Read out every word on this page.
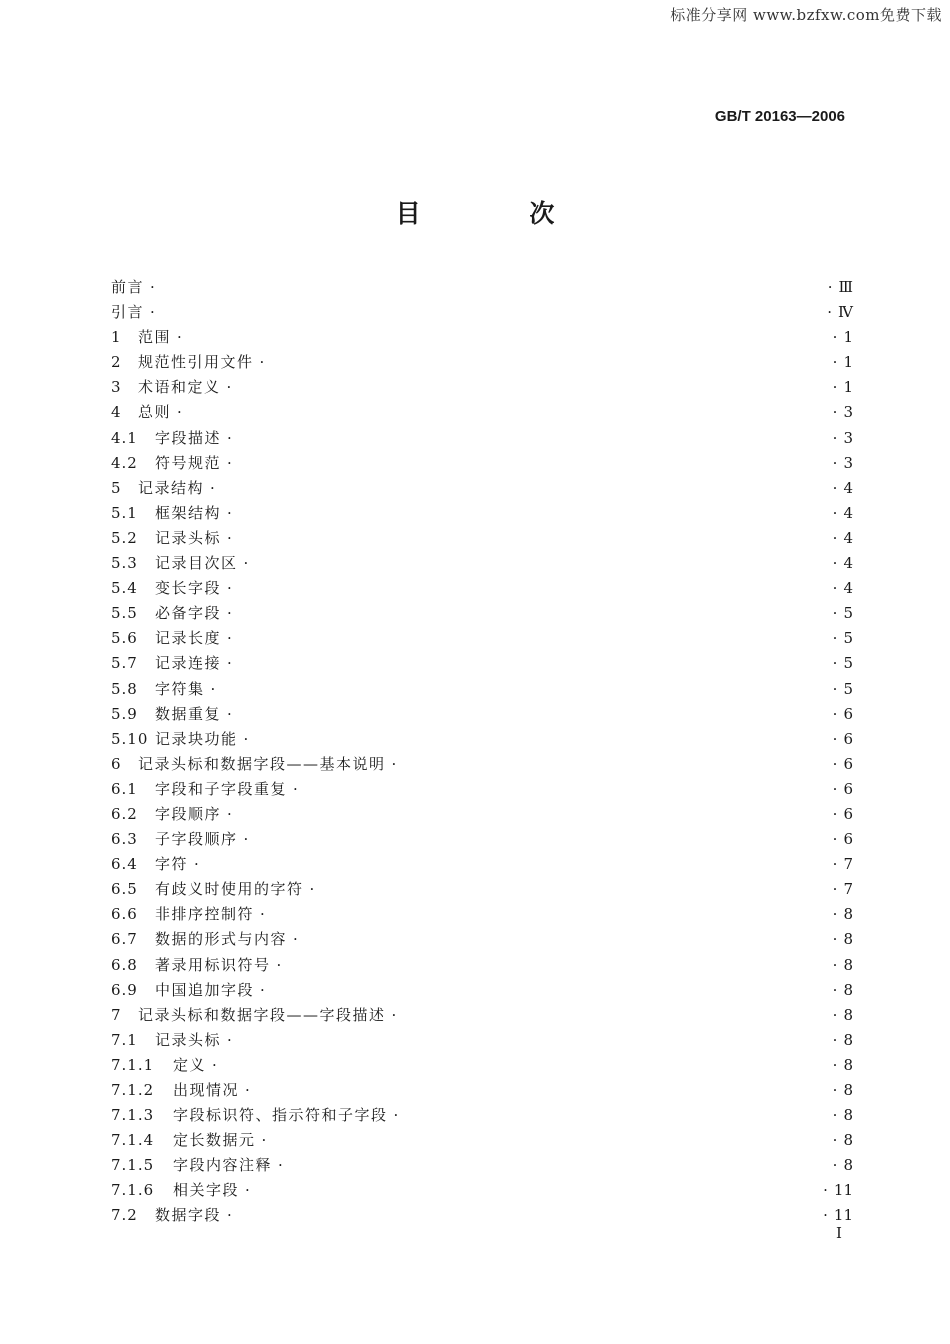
标准分享网 www.bzfxw.com免费下载
GB/T 20163—2006
目 次
前言 ·	· Ⅲ
引言 ·	· Ⅳ
1 范围 ·	· 1
2 规范性引用文件 ·	· 1
3 术语和定义 ·	· 1
4 总则 ·	· 3
4.1 字段描述 ·	· 3
4.2 符号规范 ·	· 3
5 记录结构 ·	· 4
5.1 框架结构 ·	· 4
5.2 记录头标 ·	· 4
5.3 记录目次区 ·	· 4
5.4 变长字段 ·	· 4
5.5 必备字段 ·	· 5
5.6 记录长度 ·	· 5
5.7 记录连接 ·	· 5
5.8 字符集 ·	· 5
5.9 数据重复 ·	· 6
5.10 记录块功能 ·	· 6
6 记录头标和数据字段——基本说明 ·	· 6
6.1 字段和子字段重复 ·	· 6
6.2 字段顺序 ·	· 6
6.3 子字段顺序 ·	· 6
6.4 字符 ·	· 7
6.5 有歧义时使用的字符 ·	· 7
6.6 非排序控制符 ·	· 8
6.7 数据的形式与内容 ·	· 8
6.8 著录用标识符号 ·	· 8
6.9 中国追加字段 ·	· 8
7 记录头标和数据字段——字段描述 ·	· 8
7.1 记录头标 ·	· 8
7.1.1 定义 ·	· 8
7.1.2 出现情况 ·	· 8
7.1.3 字段标识符、指示符和子字段 ·	· 8
7.1.4 定长数据元 ·	· 8
7.1.5 字段内容注释 ·	· 8
7.1.6 相关字段 ·	· 11
7.2 数据字段 ·	· 11
Ⅰ
